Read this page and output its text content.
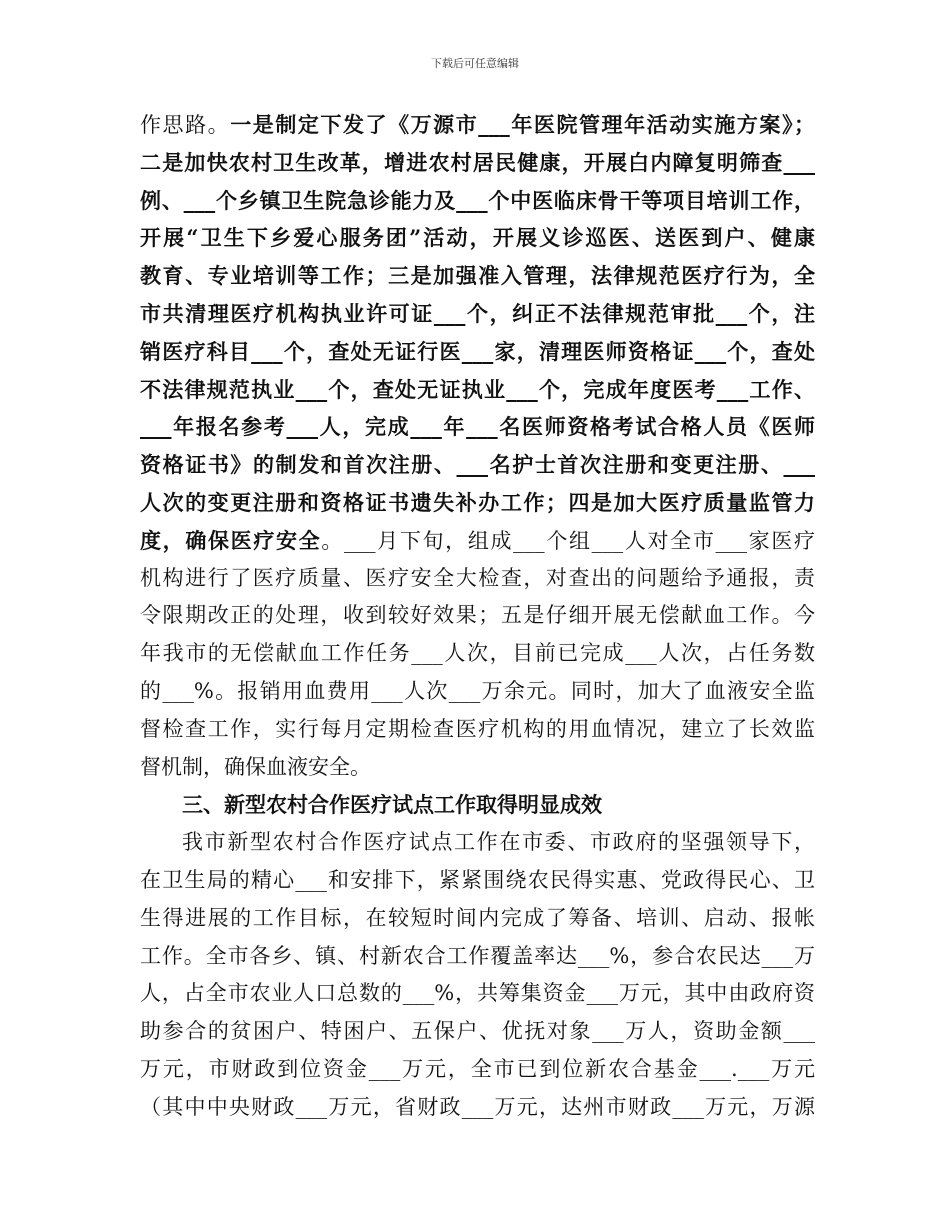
下载后可任意编辑
作思路。一是制定下发了《万源市___年医院管理年活动实施方案》；
二是加快农村卫生改革，增进农村居民健康，开展白内障复明筛查___
例、___个乡镇卫生院急诊能力及___个中医临床骨干等项目培训工作，
开展“卫生下乡爱心服务团”活动，开展义诊巡医、送医到户、健康
教育、专业培训等工作；三是加强准入管理，法律规范医疗行为，全
市共清理医疗机构执业许可证___个，纠正不法律规范审批___个，注
销医疗科目___个，查处无证行医___家，清理医师资格证___个，查处
不法律规范执业___个，查处无证执业___个，完成年度医考___工作、
___年报名参考___人，完成___年___名医师资格考试合格人员《医师
资格证书》的制发和首次注册、___名护士首次注册和变更注册、___
人次的变更注册和资格证书遗失补办工作；四是加大医疗质量监管力
度，确保医疗安全。___月下旬，组成___个组___人对全市___家医疗
机构进行了医疗质量、医疗安全大检查，对查出的问题给予通报，责
令限期改正的处理，收到较好效果；五是仔细开展无偿献血工作。今
年我市的无偿献血工作任务___人次，目前已完成___人次，占任务数
的___%。报销用血费用___人次___万余元。同时，加大了血液安全监
督检查工作，实行每月定期检查医疗机构的用血情况，建立了长效监
督机制，确保血液安全。
三、新型农村合作医疗试点工作取得明显成效
我市新型农村合作医疗试点工作在市委、市政府的坚强领导下，
在卫生局的精心___和安排下，紧紧围绕农民得实惠、党政得民心、卫
生得进展的工作目标，在较短时间内完成了筹备、培训、启动、报帐
工作。全市各乡、镇、村新农合工作覆盖率达___%，参合农民达___万
人，占全市农业人口总数的___%，共筹集资金___万元，其中由政府资
助参合的贫困户、特困户、五保户、优抚对象___万人，资助金额___
万元，市财政到位资金___万元，全市已到位新农合基金___.___万元
（其中中央财政___万元，省财政___万元，达州市财政___万元，万源
